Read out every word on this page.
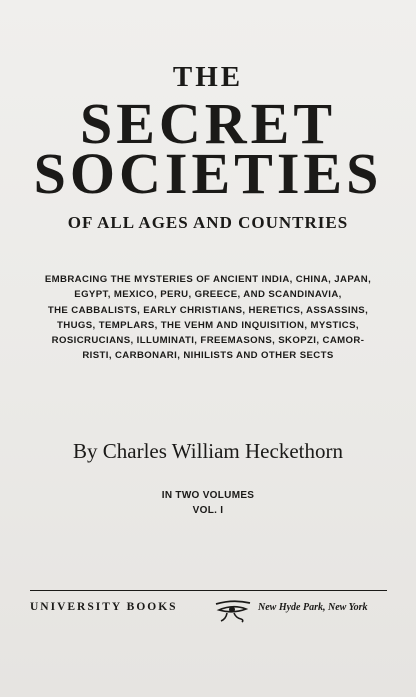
THE
SECRET
SOCIETIES
OF ALL AGES AND COUNTRIES
EMBRACING THE MYSTERIES OF ANCIENT INDIA, CHINA, JAPAN,
EGYPT, MEXICO, PERU, GREECE, AND SCANDINAVIA,
THE CABBALISTS, EARLY CHRISTIANS, HERETICS, ASSASSINS,
THUGS, TEMPLARS, THE VEHM AND INQUISITION, MYSTICS,
ROSICRUCIANS, ILLUMINATI, FREEMASONS, SKOPZI, CAMOR-
RISTI, CARBONARI, NIHILISTS AND OTHER SECTS
By Charles William Heckethorn
IN TWO VOLUMES
VOL. I
UNIVERSITY BOOKS	New Hyde Park, New York
